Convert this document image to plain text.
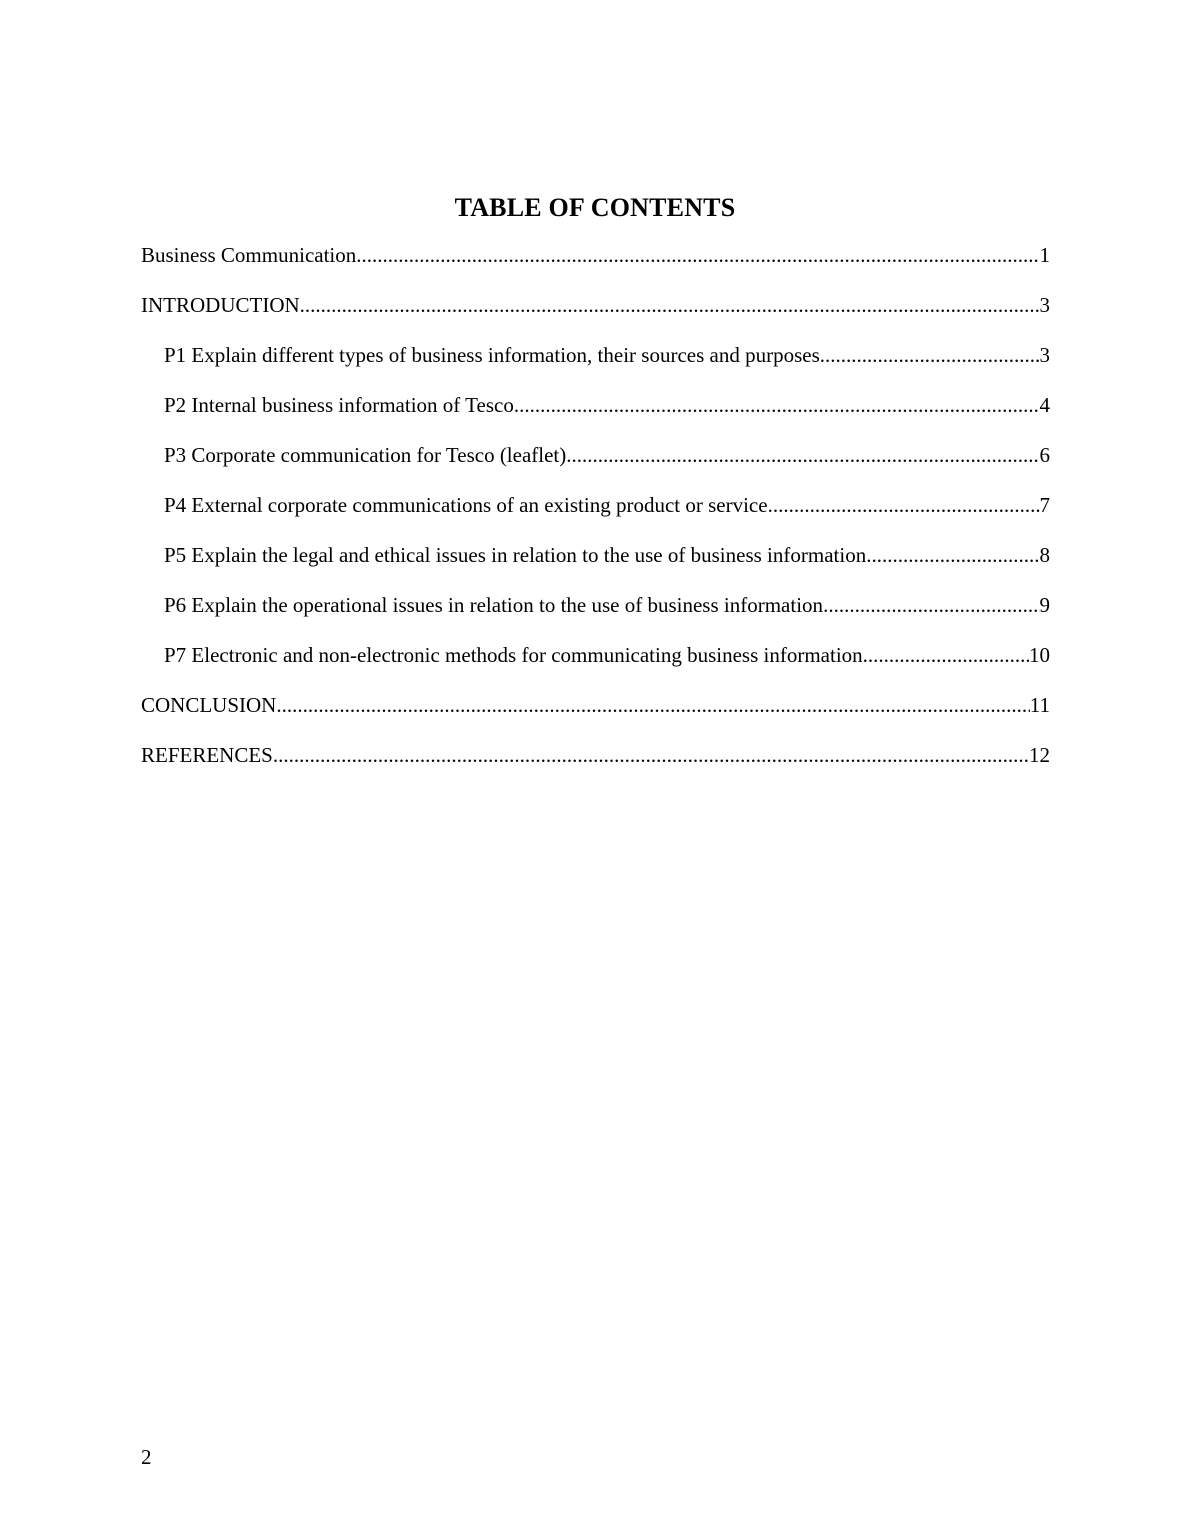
TABLE OF CONTENTS
Business Communication .....	1
INTRODUCTION .....	3
P1 Explain different types of business information, their sources and purposes .....	3
P2 Internal business information of Tesco .....	4
P3 Corporate communication for Tesco (leaflet) .....	6
P4 External corporate communications of an existing product or service .....	7
P5 Explain the legal and ethical issues in relation to the use of business information .....	8
P6 Explain the operational issues in relation to the use of business information .....	9
P7 Electronic and non-electronic methods for communicating business information .....	10
CONCLUSION .....	11
REFERENCES .....	12
2
